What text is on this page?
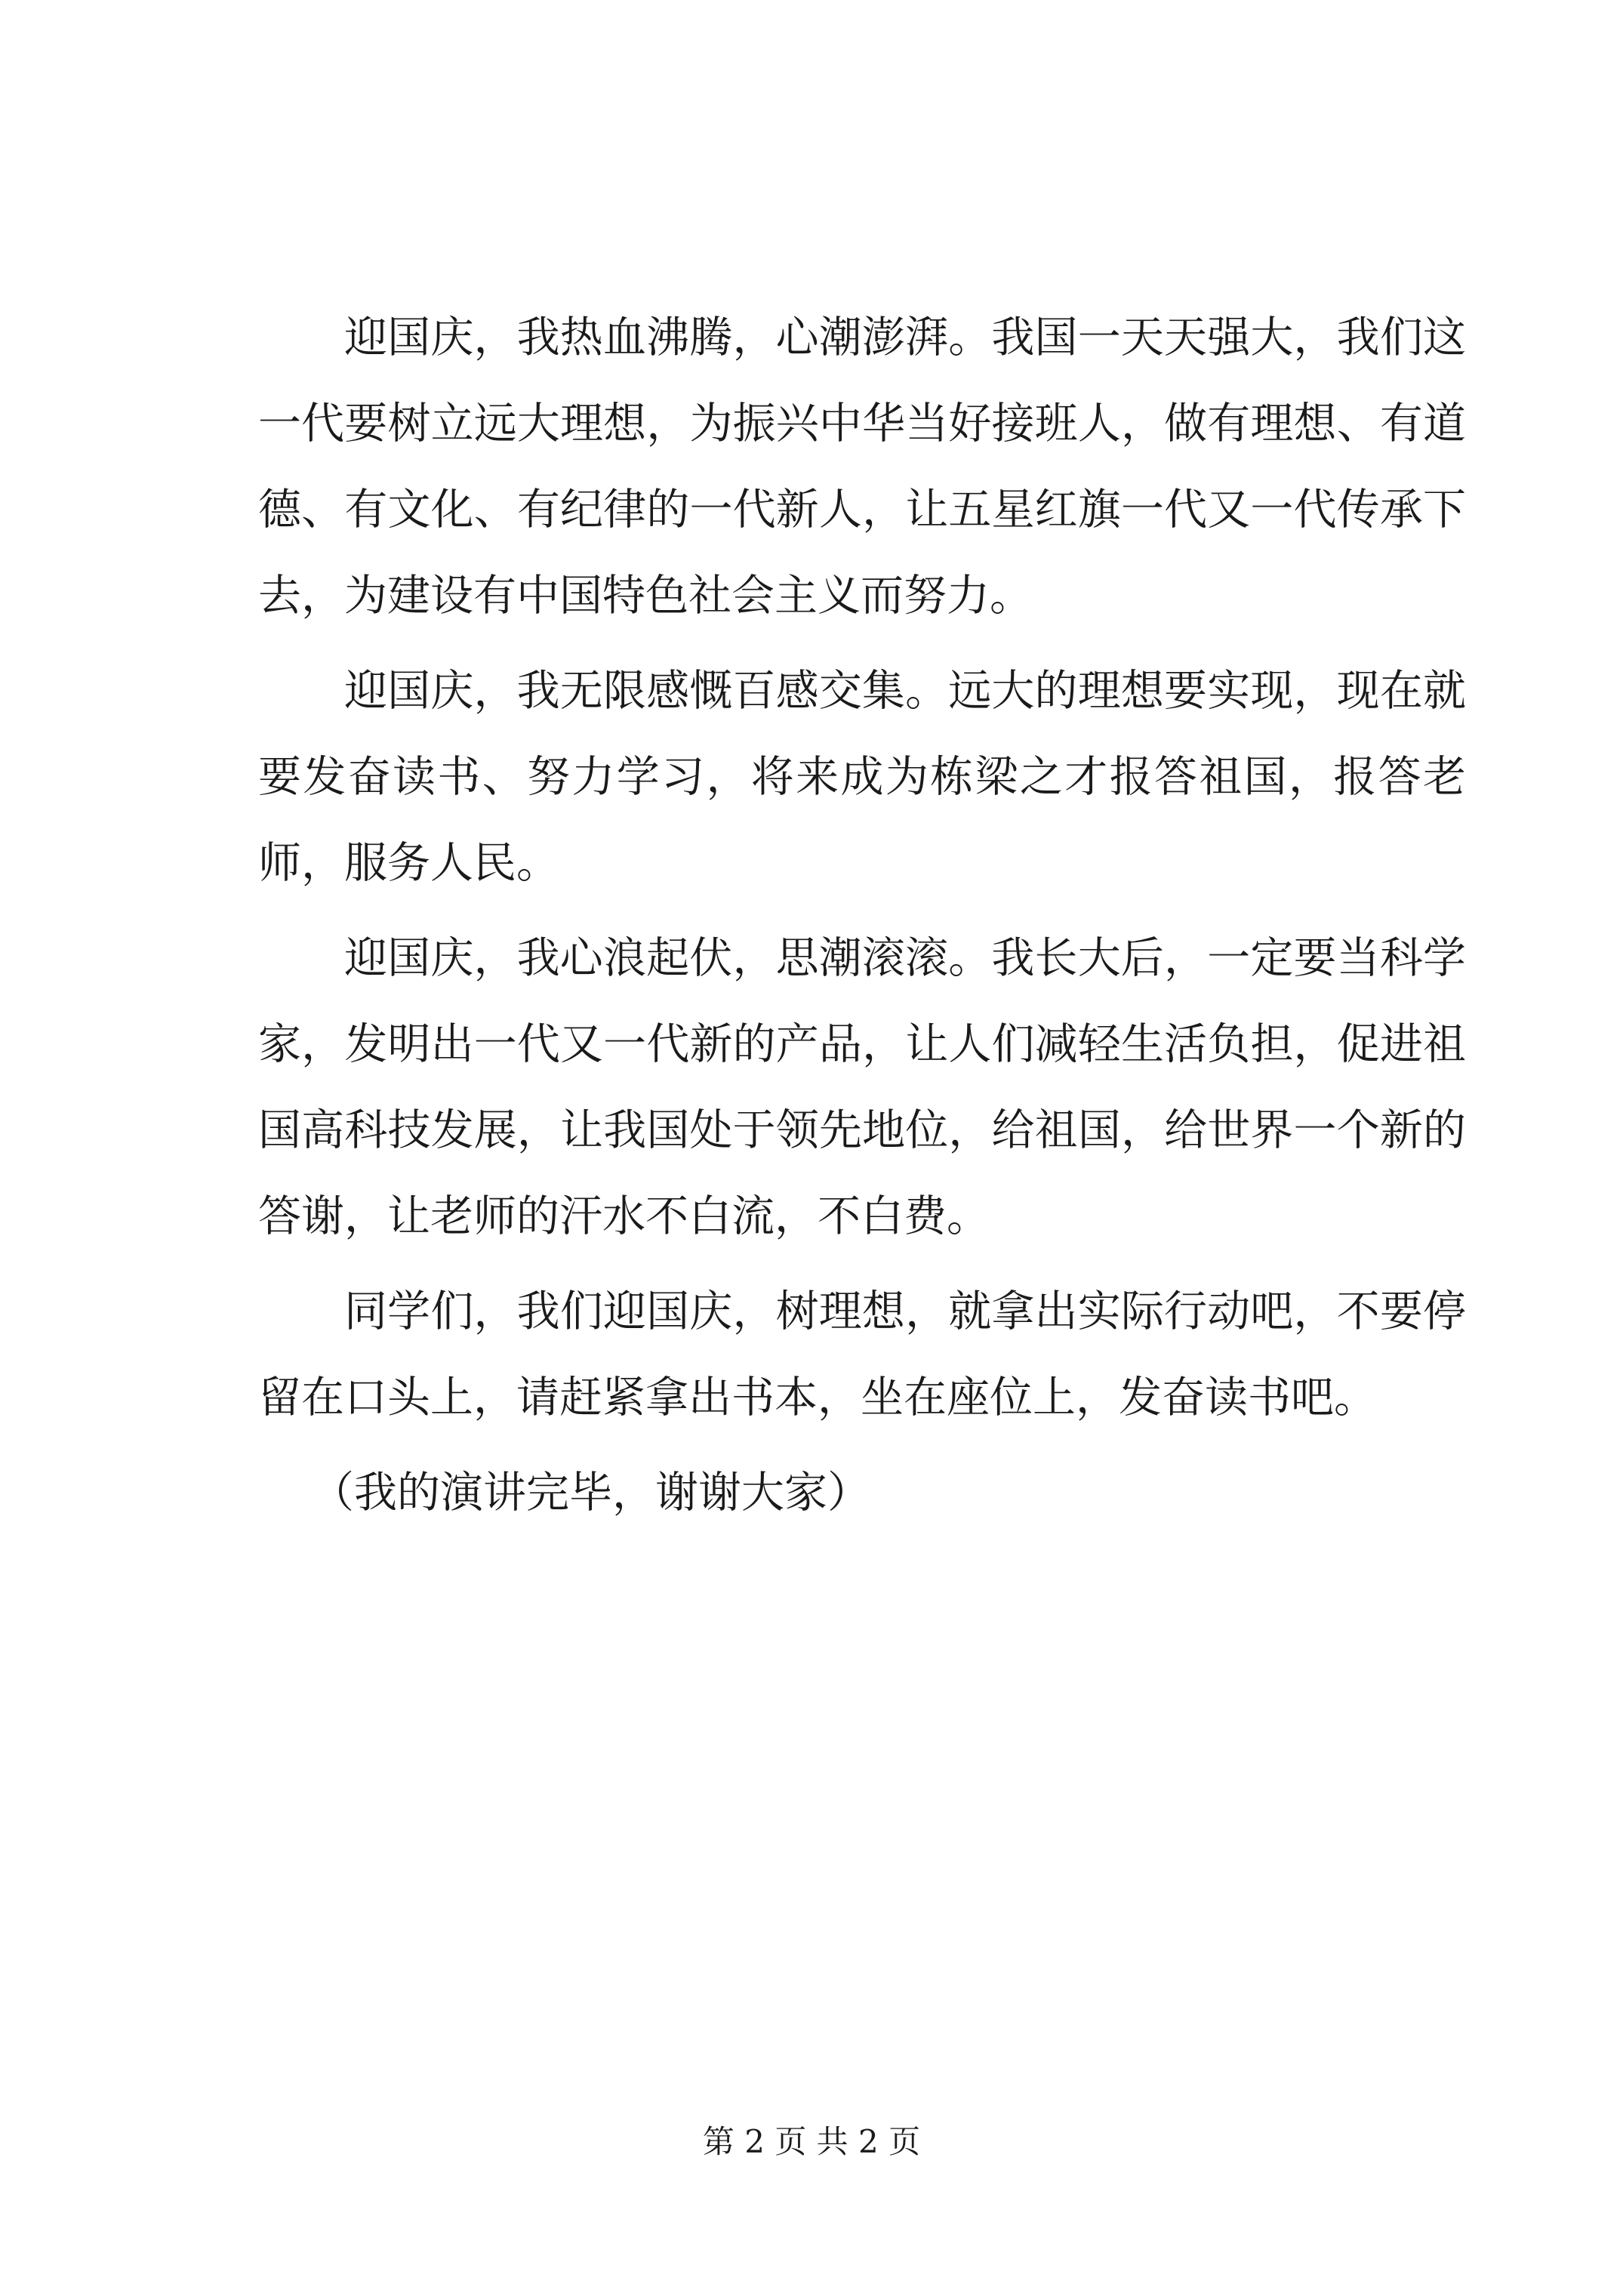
迎国庆，我热血沸腾，心潮澎湃。我国一天天强大，我们这一代要树立远大理想，为振兴中华当好接班人，做有理想、有道德、有文化、有纪律的一代新人，让五星红旗一代又一代传承下去，为建设有中国特色社会主义而努力。

迎国庆，我无限感慨百感交集。远大的理想要实现，现在就要发奋读书、努力学习，将来成为栋梁之才报答祖国，报答老师，服务人民。

迎国庆，我心浪起伏，思潮滚滚。我长大后，一定要当科学家，发明出一代又一代新的产品，让人们减轻生活负担，促进祖国高科技发展，让我国处于领先地位，给祖国，给世界一个新的答谢，让老师的汗水不白流，不白费。

同学们，我们迎国庆，树理想，就拿出实际行动吧，不要停留在口头上，请赶紧拿出书本，坐在座位上，发奋读书吧。

（我的演讲完毕，谢谢大家）

第 2 页 共 2 页
